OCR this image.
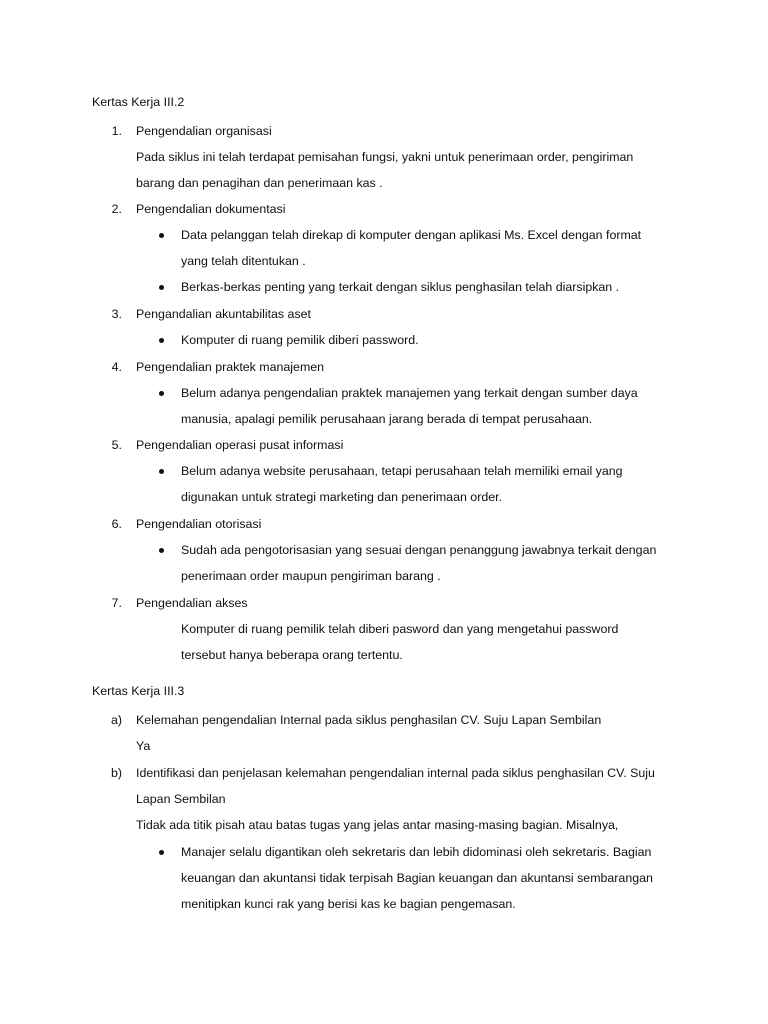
Kertas Kerja III.2
1. Pengendalian organisasi
Pada siklus ini telah terdapat pemisahan fungsi, yakni untuk penerimaan order, pengiriman
barang dan penagihan dan penerimaan kas .
2. Pengendalian dokumentasi
Data pelanggan telah direkap di komputer dengan aplikasi Ms. Excel dengan format
yang telah ditentukan .
Berkas-berkas penting yang terkait dengan siklus penghasilan telah diarsipkan .
3. Pengandalian akuntabilitas aset
Komputer di ruang pemilik diberi password.
4. Pengendalian praktek manajemen
Belum adanya pengendalian praktek manajemen yang terkait dengan sumber daya
manusia, apalagi pemilik perusahaan jarang berada di tempat perusahaan.
5. Pengendalian operasi pusat informasi
Belum adanya website perusahaan, tetapi perusahaan telah memiliki email yang
digunakan untuk strategi marketing dan penerimaan order.
6. Pengendalian otorisasi
Sudah ada pengotorisasian yang sesuai dengan penanggung jawabnya terkait dengan
penerimaan order maupun pengiriman barang .
7. Pengendalian akses
Komputer di ruang pemilik telah diberi pasword dan yang mengetahui password
tersebut hanya beberapa orang tertentu.
Kertas Kerja III.3
a) Kelemahan pengendalian Internal pada siklus penghasilan CV. Suju Lapan Sembilan
Ya
b) Identifikasi dan penjelasan kelemahan pengendalian internal pada siklus penghasilan CV. Suju
Lapan Sembilan
Tidak ada titik pisah atau batas tugas yang jelas antar masing-masing bagian. Misalnya,
Manajer selalu digantikan oleh sekretaris dan lebih didominasi oleh sekretaris. Bagian
keuangan dan akuntansi tidak terpisah Bagian keuangan dan akuntansi sembarangan
menitipkan kunci rak yang berisi kas ke bagian pengemasan.
